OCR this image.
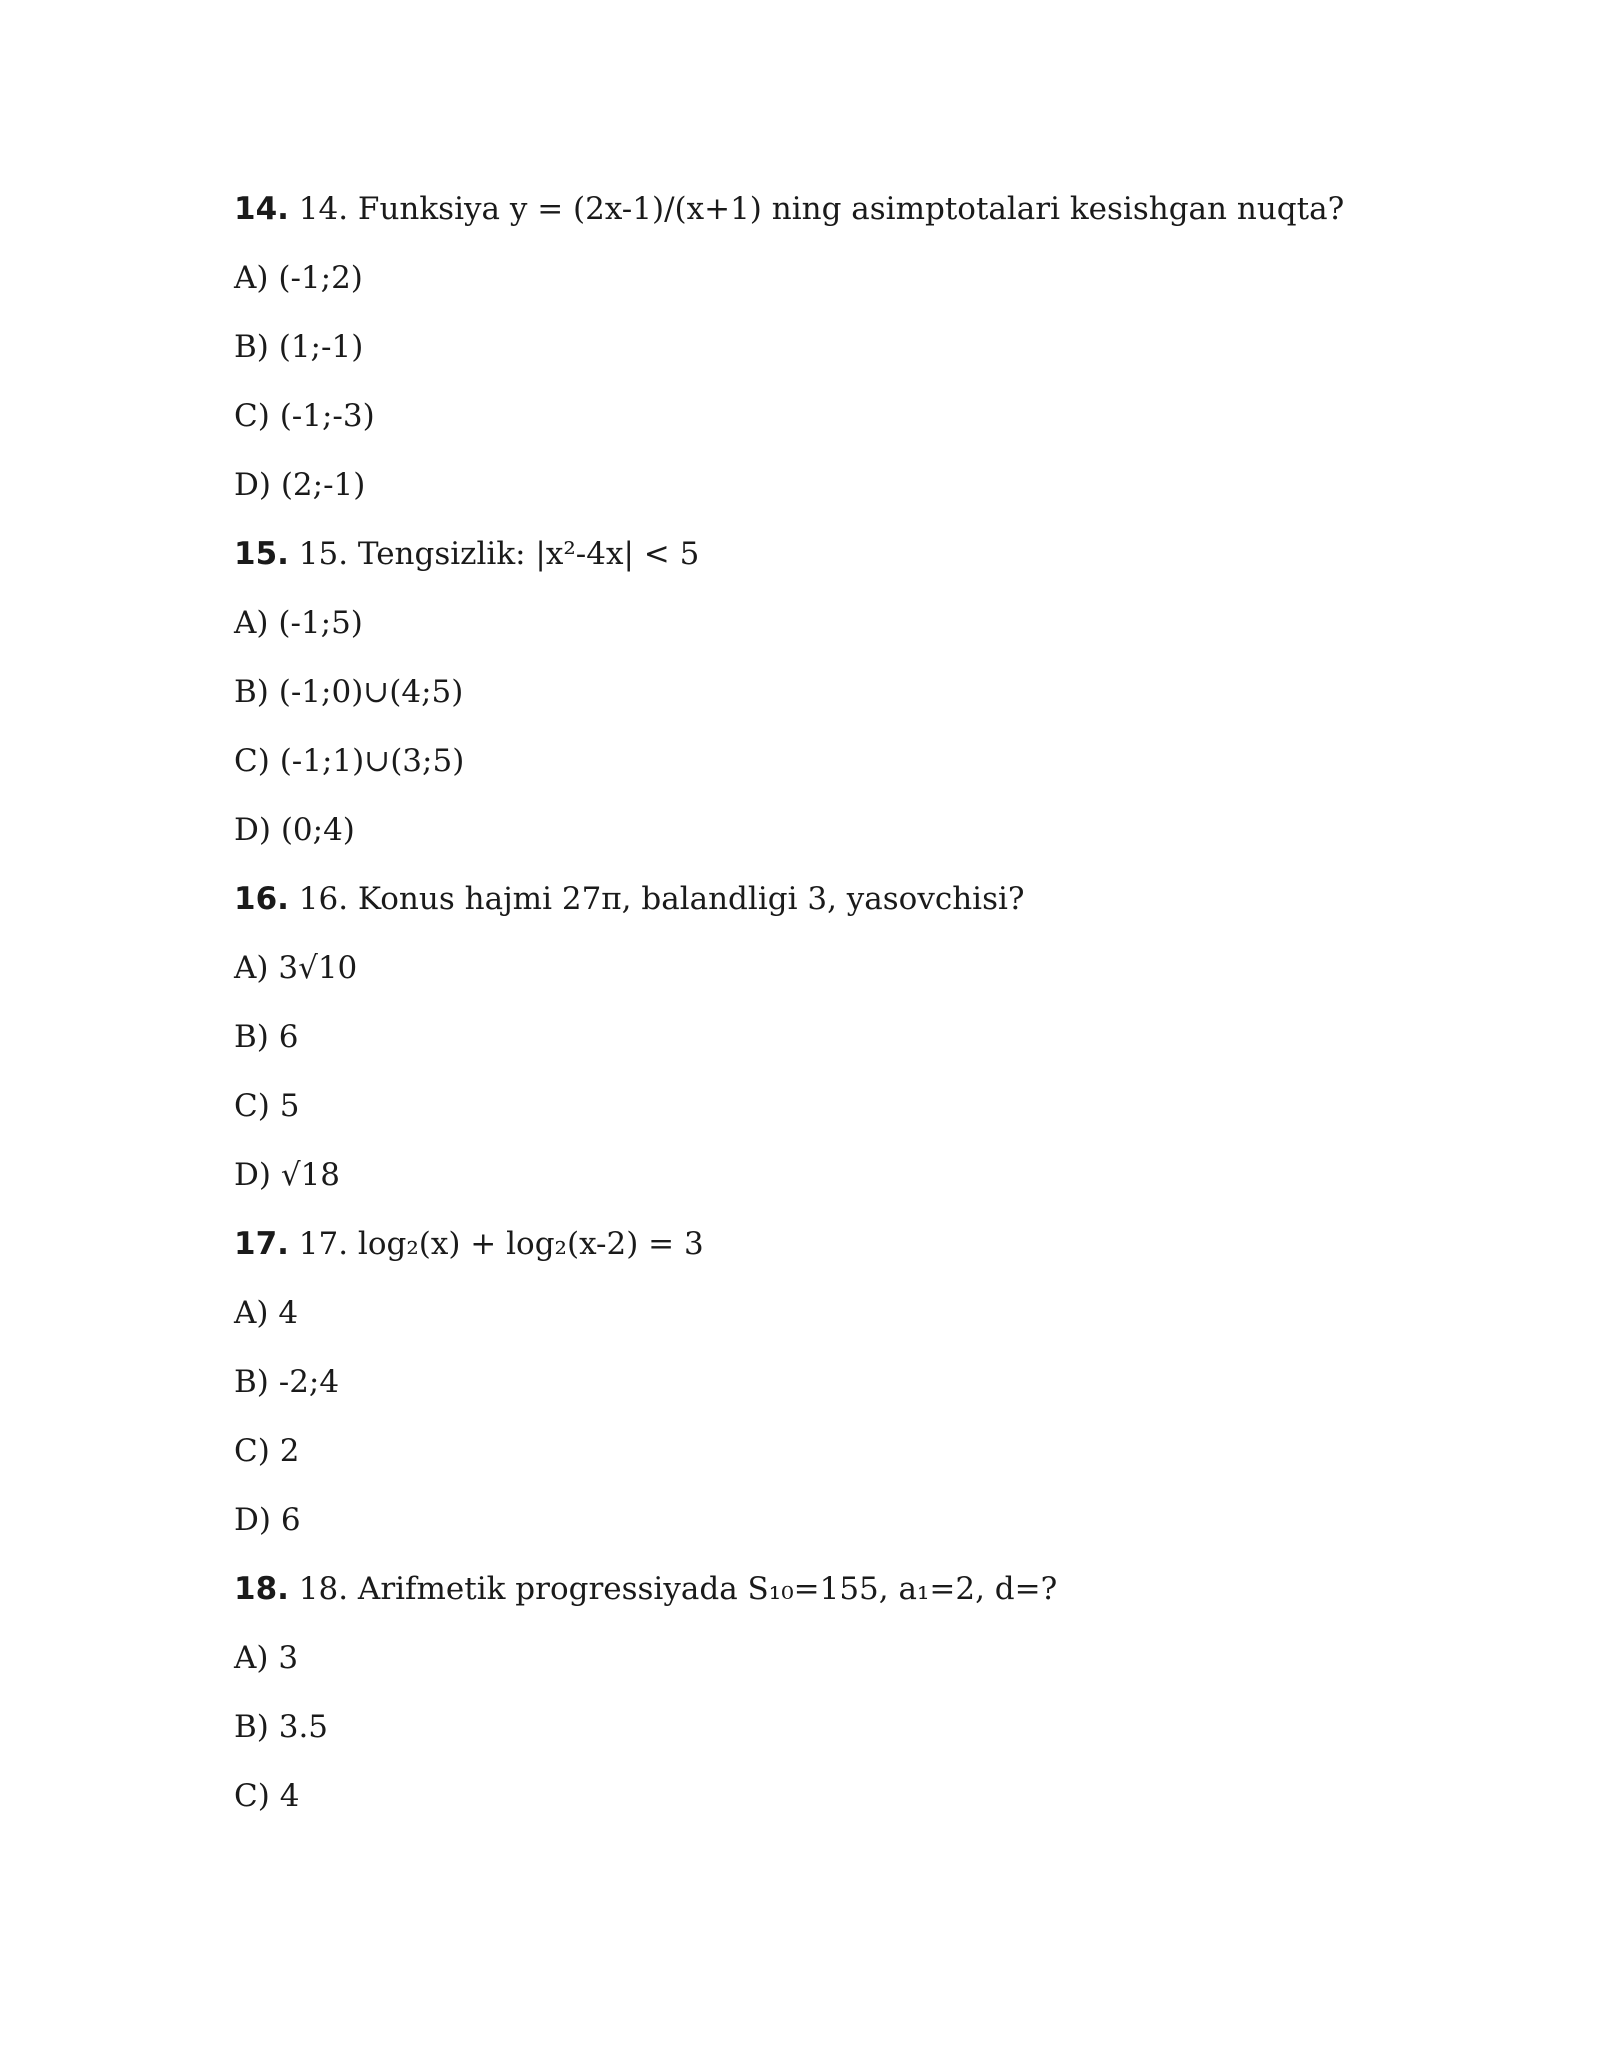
14. 14. Funksiya y = (2x-1)/(x+1) ning asimptotalari kesishgan nuqta?
A) (-1;2)
B) (1;-1)
C) (-1;-3)
D) (2;-1)
15. 15. Tengsizlik: |x²-4x| < 5
A) (-1;5)
B) (-1;0)∪(4;5)
C) (-1;1)∪(3;5)
D) (0;4)
16. 16. Konus hajmi 27π, balandligi 3, yasovchisi?
A) 3√10
B) 6
C) 5
D) √18
17. 17. log₂(x) + log₂(x-2) = 3
A) 4
B) -2;4
C) 2
D) 6
18. 18. Arifmetik progressiyada S₁₀=155, a₁=2, d=?
A) 3
B) 3.5
C) 4
